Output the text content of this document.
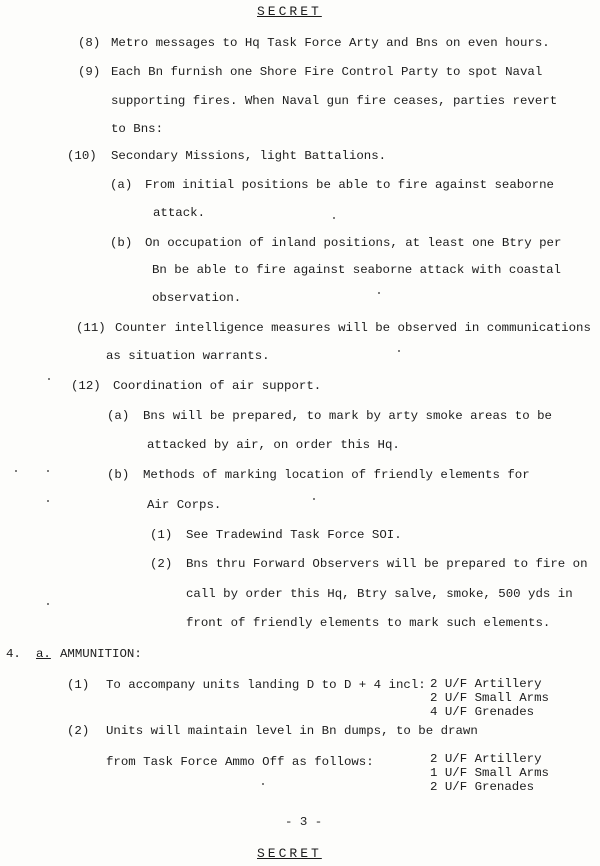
SECRET
(8) Metro messages to Hq Task Force Arty and Bns on even hours.
(9) Each Bn furnish one Shore Fire Control Party to spot Naval
supporting fires. When Naval gun fire ceases, parties revert
to Bns:
(10) Secondary Missions, light Battalions.
(a) From initial positions be able to fire against seaborne
attack.
(b) On occupation of inland positions, at least one Btry per
Bn be able to fire against seaborne attack with coastal
observation.
(11) Counter intelligence measures will be observed in communications
as situation warrants.
(12) Coordination of air support.
(a) Bns will be prepared, to mark by arty smoke areas to be
attacked by air, on order this Hq.
(b) Methods of marking location of friendly elements for
Air Corps.
(1) See Tradewind Task Force SOI.
(2) Bns thru Forward Observers will be prepared to fire on
call by order this Hq, Btry salve, smoke, 500 yds in
front of friendly elements to mark such elements.
4. a. AMMUNITION:
(1) To accompany units landing D to D + 4 incl: 2 U/F Artillery
2 U/F Small Arms
4 U/F Grenades
(2) Units will maintain level in Bn dumps, to be drawn
from Task Force Ammo Off as follows:	2 U/F Artillery
1 U/F Small Arms
2 U/F Grenades
- 3 -
SECRET
